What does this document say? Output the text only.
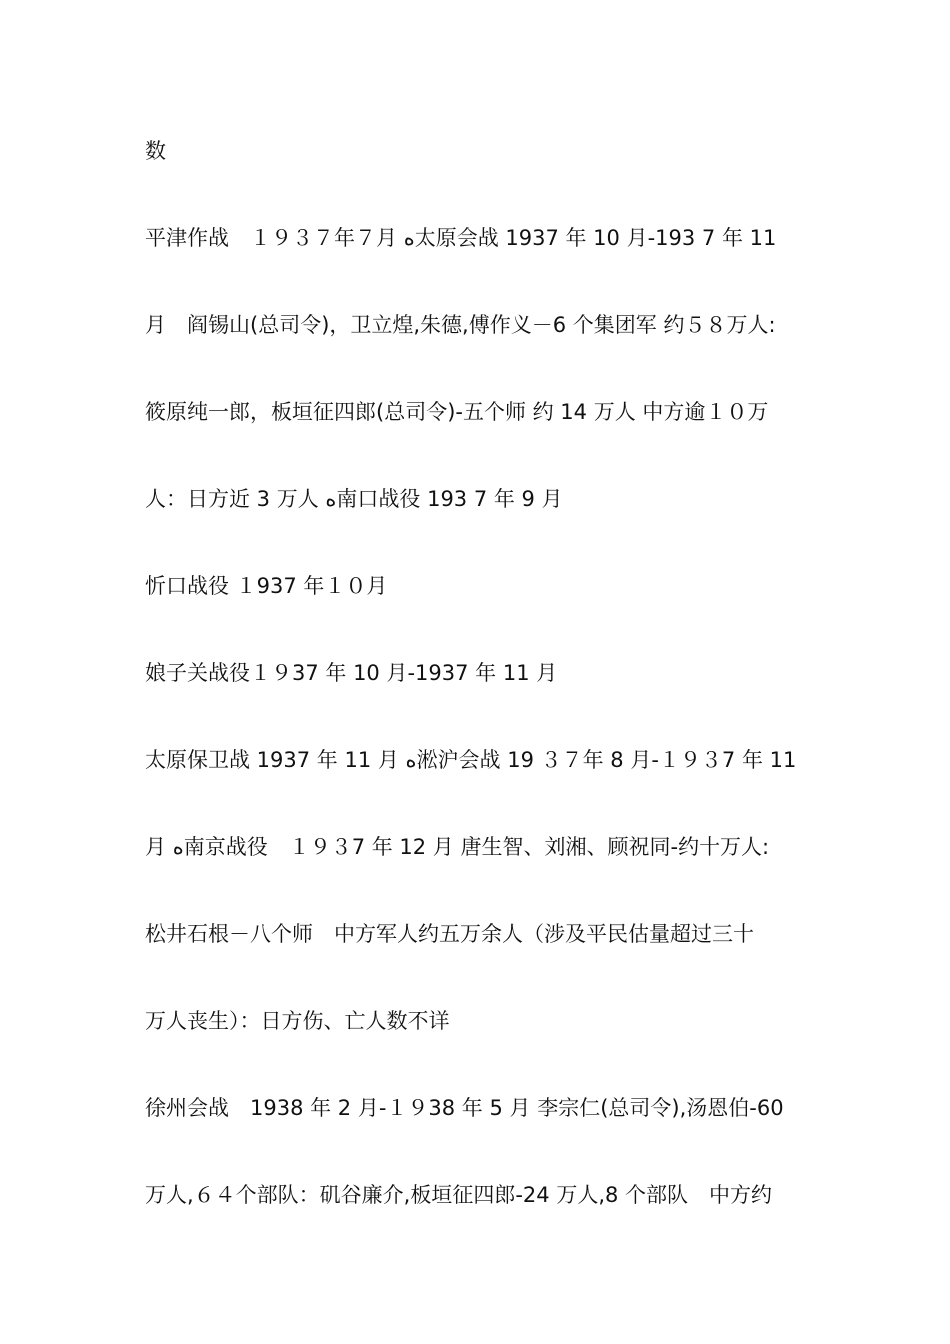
数
平津作战　１９３７年７月 ﻩ太原会战 1937 年 10 月-193 7 年 11
月　阎锡山(总司令)，卫立煌,朱德,傅作义－6 个集团军 约５８万人:
筱原纯一郎，板垣征四郎(总司令)-五个师 约 14 万人 中方逾１０万
人：日方近 3 万人 ﻩ南口战役 193 7 年 9 月
忻口战役 １937 年１０月
娘子关战役１９37 年 10 月-1937 年 11 月
太原保卫战 1937 年 11 月 ﻩ淞沪会战 19 ３７年 8 月-１９３7 年 11
月 ﻩ南京战役　１９３7 年 12 月 唐生智、刘湘、顾祝同-约十万人:
松井石根－八个师　中方军人约五万余人（涉及平民估量超过三十
万人丧生）：日方伤、亡人数不详
徐州会战　1938 年 2 月-１９38 年 5 月 李宗仁(总司令),汤恩伯-60
万人,６４个部队：矶谷廉介,板垣征四郎-24 万人,8 个部队　中方约
